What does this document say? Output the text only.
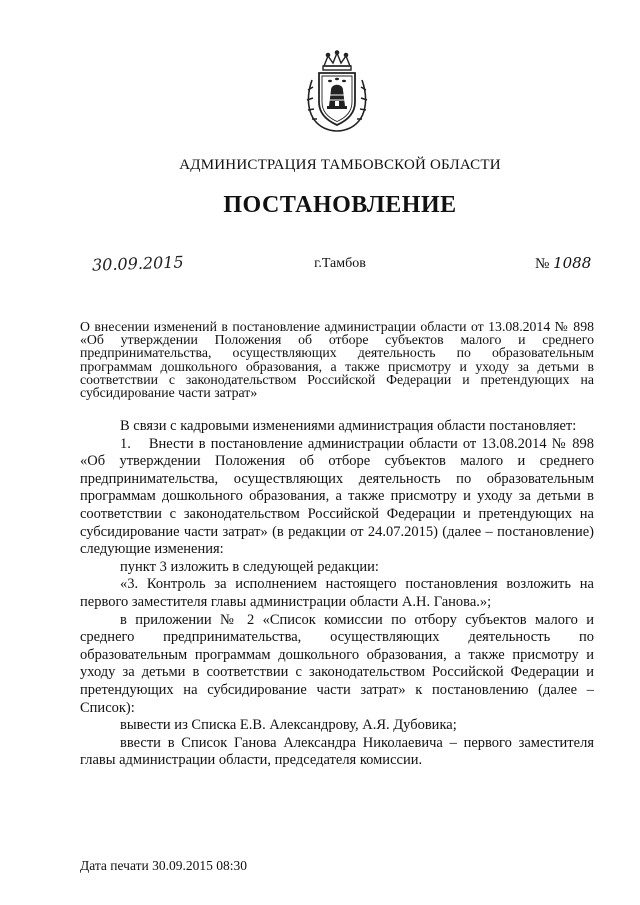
АДМИНИСТРАЦИЯ ТАМБОВСКОЙ ОБЛАСТИ
ПОСТАНОВЛЕНИЕ
30.09.2015	г.Тамбов	№ 1088
О внесении изменений в постановление администрации области от 13.08.2014 № 898 «Об утверждении Положения об отборе субъектов малого и среднего предпринимательства, осуществляющих деятельность по образовательным программам дошкольного образования, а также присмотру и уходу за детьми в соответствии с законодательством Российской Федерации и претендующих на субсидирование части затрат»

В связи с кадровыми изменениями администрация области постановляет:

1. Внести в постановление администрации области от 13.08.2014 № 898 «Об утверждении Положения об отборе субъектов малого и среднего предпринимательства, осуществляющих деятельность по образовательным программам дошкольного образования, а также присмотру и уходу за детьми в соответствии с законодательством Российской Федерации и претендующих на субсидирование части затрат» (в редакции от 24.07.2015) (далее – постановление) следующие изменения:

пункт 3 изложить в следующей редакции:

«3. Контроль за исполнением настоящего постановления возложить на первого заместителя главы администрации области А.Н. Ганова.»;

в приложении № 2 «Список комиссии по отбору субъектов малого и среднего предпринимательства, осуществляющих деятельность по образовательным программам дошкольного образования, а также присмотру и уходу за детьми в соответствии с законодательством Российской Федерации и претендующих на субсидирование части затрат» к постановлению (далее – Список):

вывести из Списка Е.В. Александрову, А.Я. Дубовика;

ввести в Список Ганова Александра Николаевича – первого заместителя главы администрации области, председателя комиссии.

Дата печати 30.09.2015 08:30
